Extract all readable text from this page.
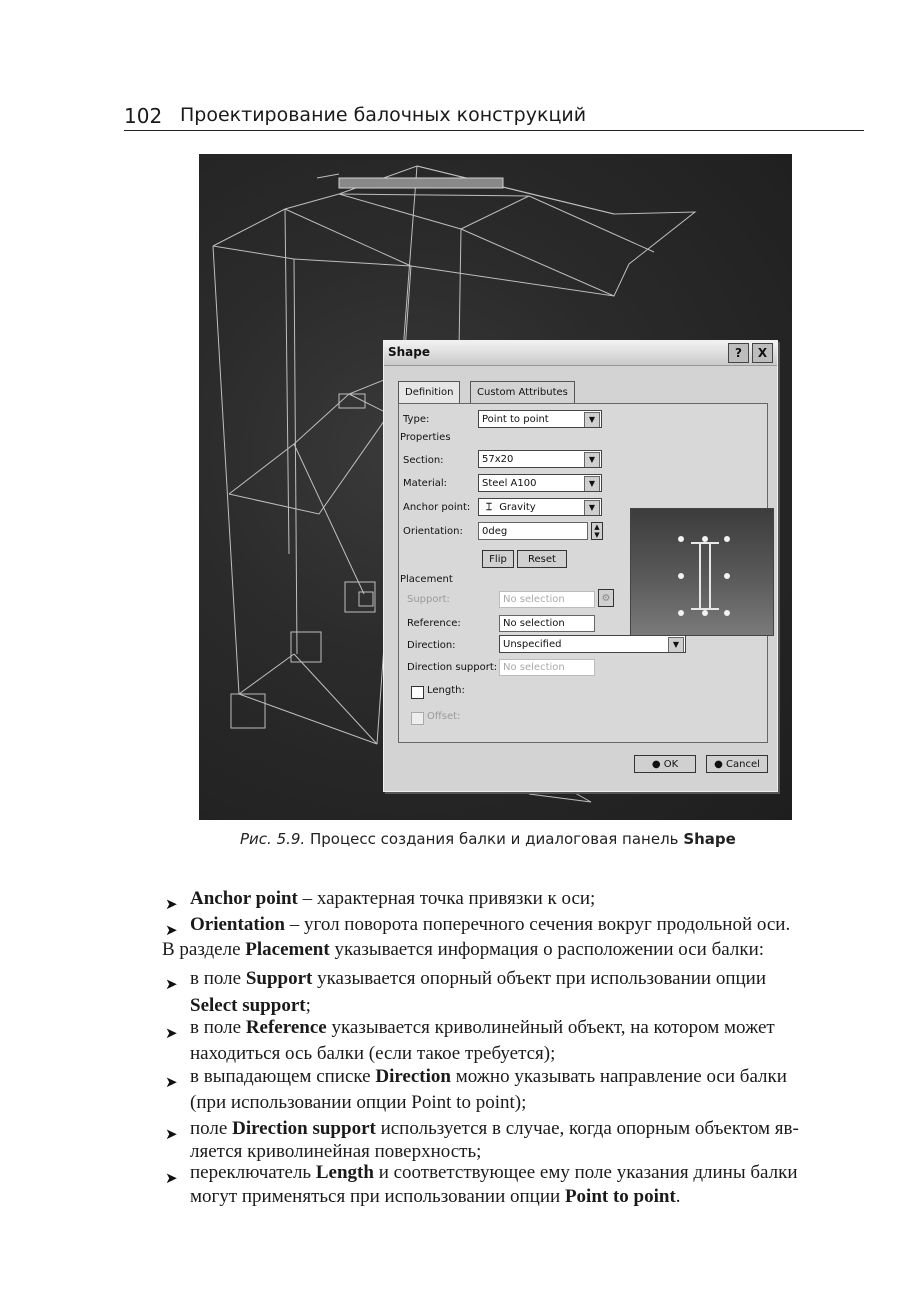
102 Проектирование балочных конструкций
Shape	?	X
Definition	Custom Attributes
Type:	Point to point	▼
Properties
Section:	57x20	▼
Material:	Steel A100	▼
Anchor point:	⌶ Gravity	▼
Orientation:	0deg	▲
▼
Flip	Reset
Placement
Support:	No selection	⚙
Reference:	No selection
Direction:	Unspecified	▼
Direction support: No selection
Length:
Offset:
● OK	● Cancel
Рис. 5.9. Процесс создания балки и диалоговая панель Shape
➤ Anchor point – характерная точка привязки к оси;
➤ Orientation – угол поворота поперечного сечения вокруг продольной оси.
В разделе Placement указывается информация о расположении оси балки:
➤ в поле Support указывается опорный объект при использовании опции
Select support;
➤ в поле Reference указывается криволинейный объект, на котором может
находиться ось балки (если такое требуется);
➤ в выпадающем списке Direction можно указывать направление оси балки
(при использовании опции Point to point);
➤ поле Direction support используется в случае, когда опорным объектом яв-
ляется криволинейная поверхность;
➤ переключатель Length и соответствующее ему поле указания длины балки
могут применяться при использовании опции Point to point.
